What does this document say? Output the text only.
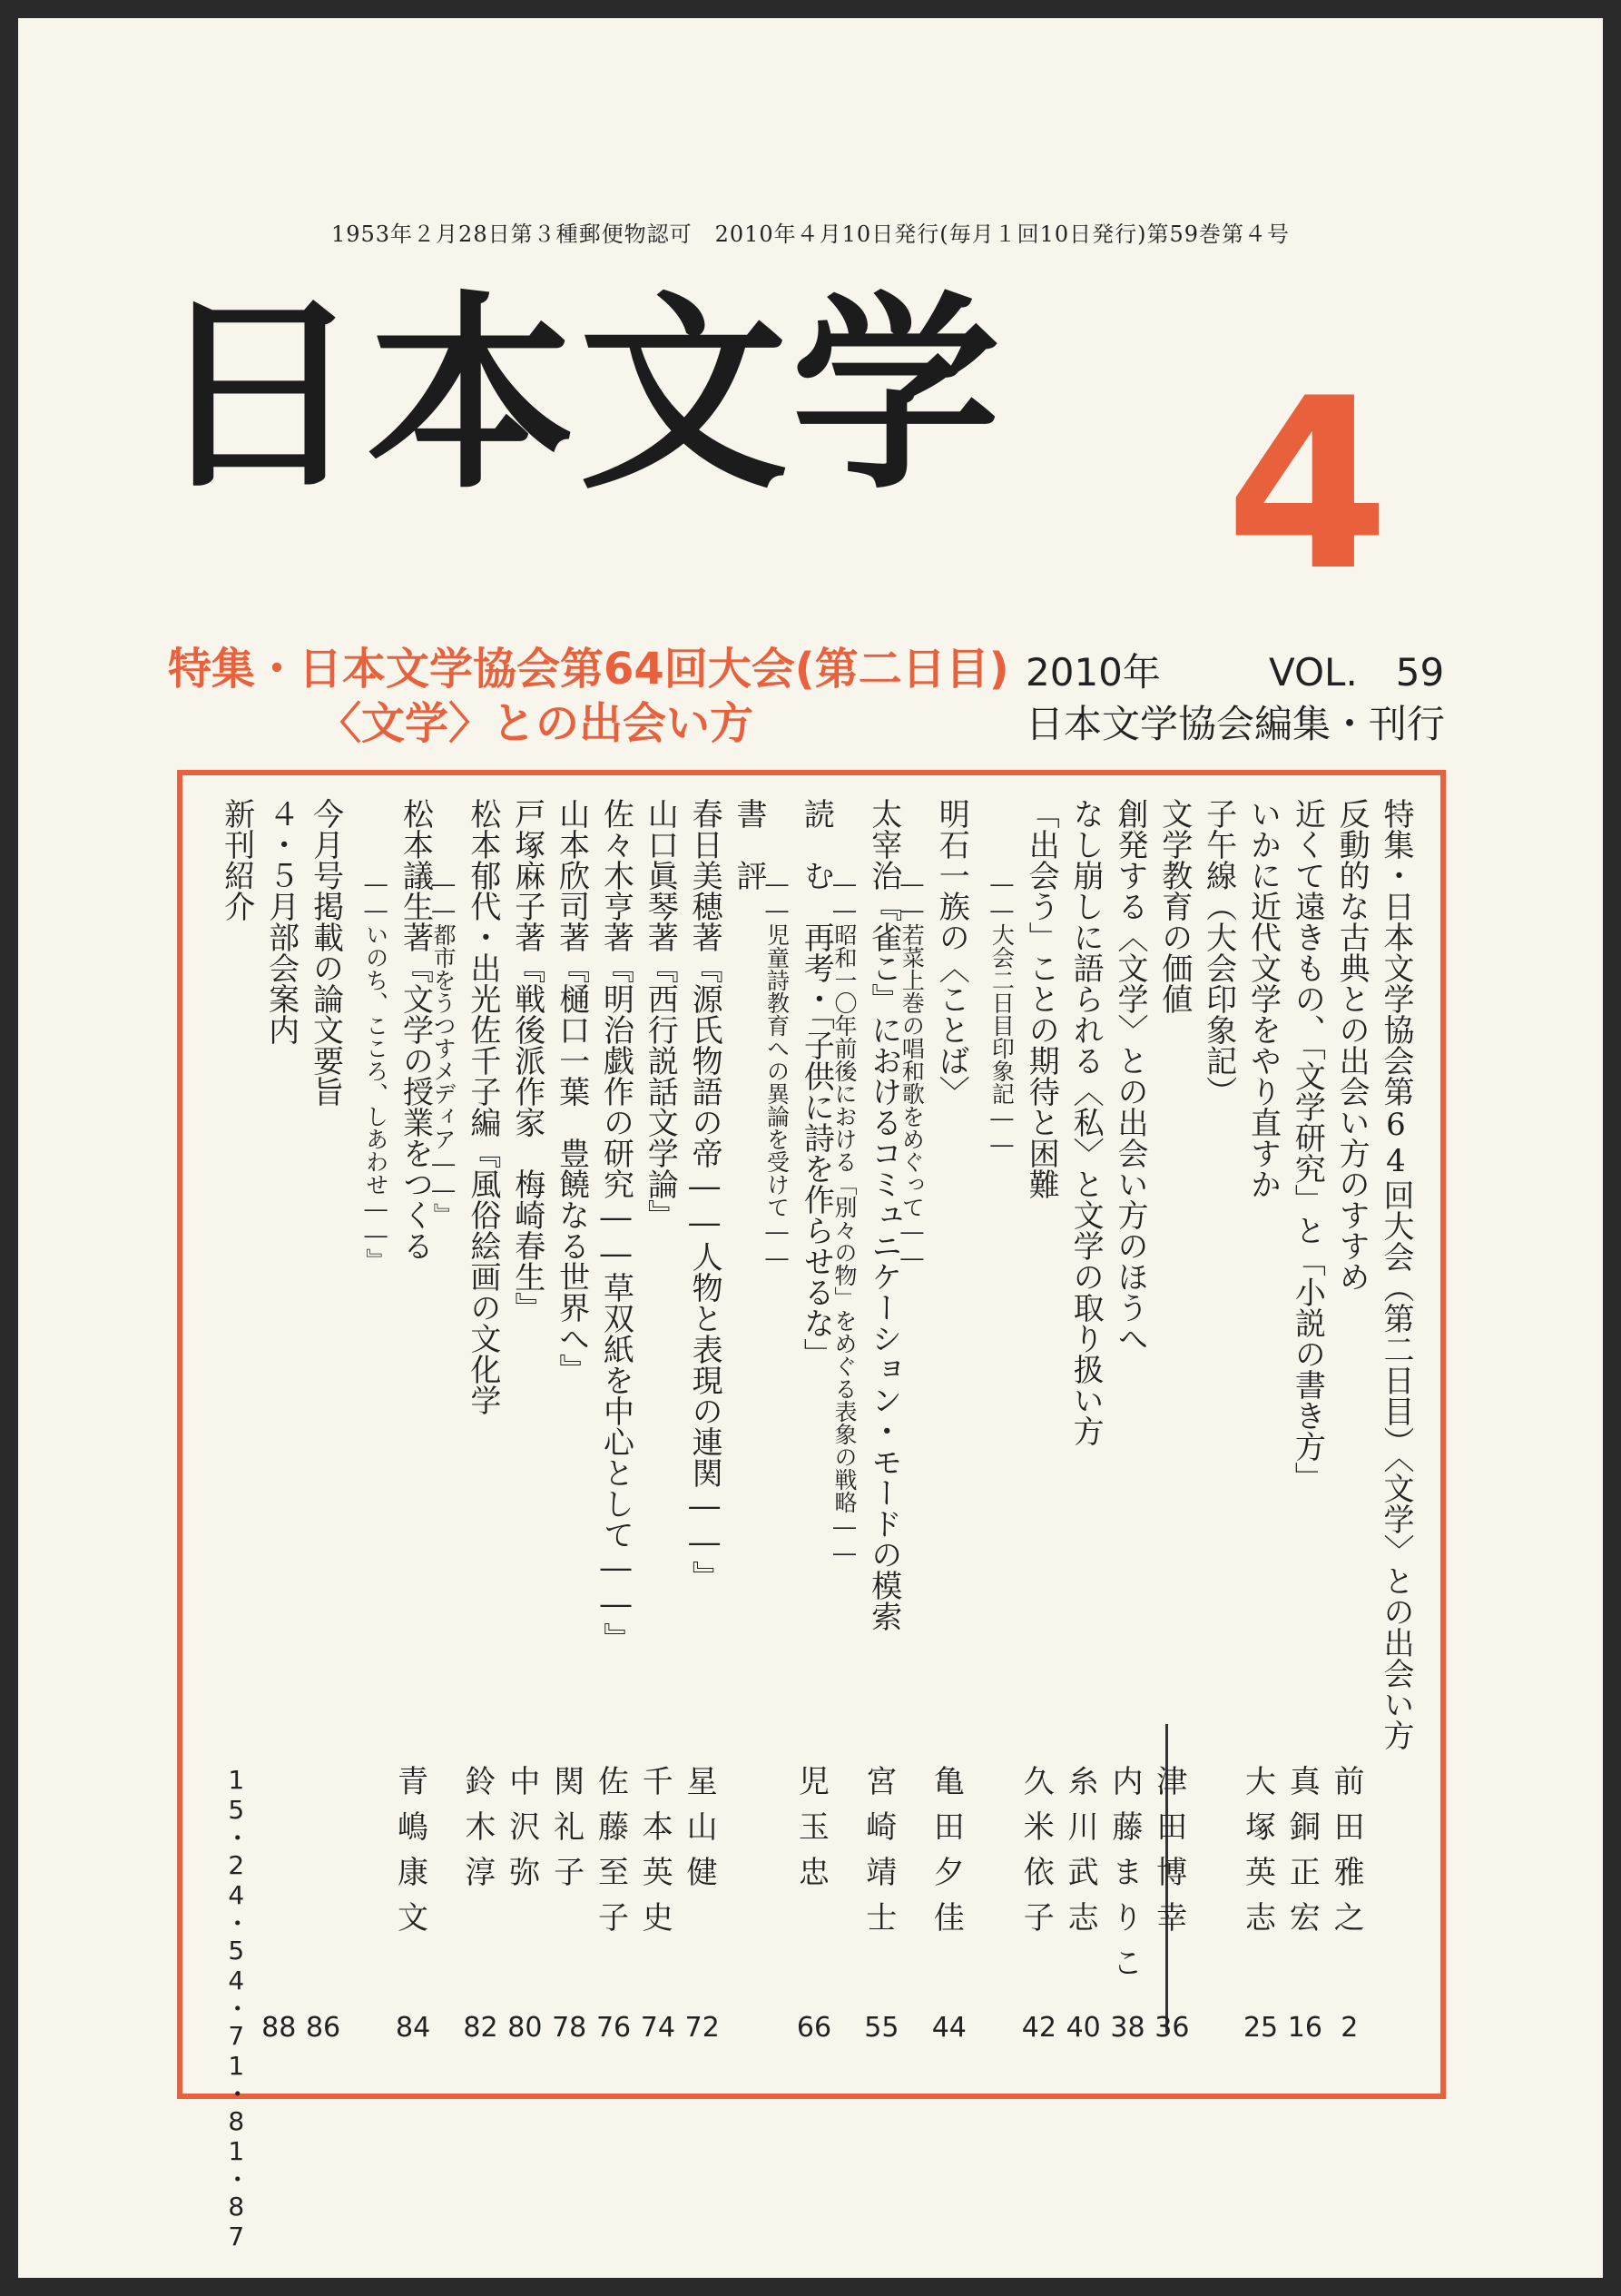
1953年２月28日第３種郵便物認可　2010年４月10日発行(毎月１回10日発行)第59巻第４号
日本文学 4
特集・日本文学協会第64回大会(第二日目)
〈文学〉との出会い方
2010年	VOL.　59
日本文学協会編集・刊行
特集・日本文学協会第64回大会（第二日目）〈文学〉との出会い方
反動的な古典との出会い方のすすめ
前田雅之
2
近くて遠きもの、「文学研究」と「小説の書き方」
真銅正宏
16
いかに近代文学をやり直すか
大塚英志
25
子午線（大会印象記）
文学教育の価値
津田博幸
36
創発する〈文学〉との出会い方のほうへ
内藤まりこ
38
なし崩しに語られる〈私〉と文学の取り扱い方
糸川武志
40
「出会う」ことの期待と困難
久米依子
42
――大会二日目印象記――
明石一族の〈ことば〉
亀田夕佳
44
――若菜上巻の唱和歌をめぐって――
太宰治『雀こ』におけるコミュニケーション・モードの模索
宮崎靖士
55
――昭和一〇年前後における「別々の物」をめぐる表象の戦略――
読　む　再考・「子供に詩を作らせるな」
児玉忠
66
――児童詩教育への異論を受けて――
書　評
春日美穂著『源氏物語の帝――人物と表現の連関――』
星山健
72
山口眞琴著『西行説話文学論』
千本英史
74
佐々木亨著『明治戯作の研究――草双紙を中心として――』
佐藤至子
76
山本欣司著『樋口一葉　豊饒なる世界へ』
関礼子
78
戸塚麻子著『戦後派作家　梅崎春生』
中沢弥
80
松本郁代・出光佐千子編『風俗絵画の文化学
鈴木淳
82
――都市をうつすメディア――』
松本議生著『文学の授業をつくる
青嶋康文
84
――いのち、こころ、しあわせ――』
今月号掲載の論文要旨
86
４・５月部会案内
88
新刊紹介
15・24・54・71・81・87
